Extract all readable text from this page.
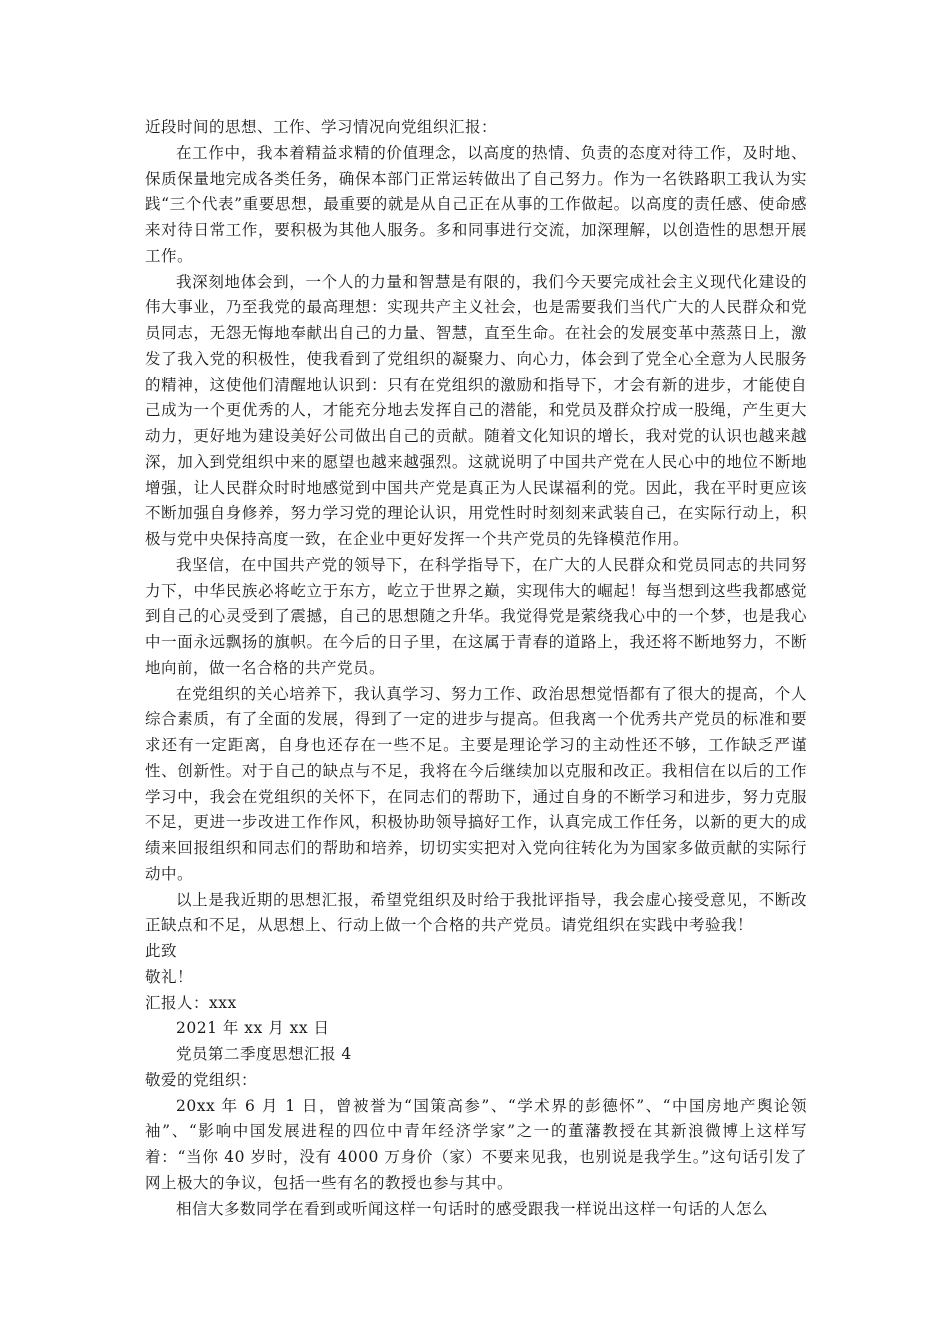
近段时间的思想、工作、学习情况向党组织汇报：

在工作中，我本着精益求精的价值理念，以高度的热情、负责的态度对待工作，及时地、保质保量地完成各类任务，确保本部门正常运转做出了自己努力。作为一名铁路职工我认为实践“三个代表”重要思想，最重要的就是从自己正在从事的工作做起。以高度的责任感、使命感来对待日常工作，要积极为其他人服务。多和同事进行交流，加深理解，以创造性的思想开展工作。

我深刻地体会到，一个人的力量和智慧是有限的，我们今天要完成社会主义现代化建设的伟大事业，乃至我党的最高理想：实现共产主义社会，也是需要我们当代广大的人民群众和党员同志，无怨无悔地奉献出自己的力量、智慧，直至生命。在社会的发展变革中蒸蒸日上，激发了我入党的积极性，使我看到了党组织的凝聚力、向心力，体会到了党全心全意为人民服务的精神，这使他们清醒地认识到：只有在党组织的激励和指导下，才会有新的进步，才能使自己成为一个更优秀的人，才能充分地去发挥自己的潜能，和党员及群众拧成一股绳，产生更大动力，更好地为建设美好公司做出自己的贡献。随着文化知识的增长，我对党的认识也越来越深，加入到党组织中来的愿望也越来越强烈。这就说明了中国共产党在人民心中的地位不断地增强，让人民群众时时地感觉到中国共产党是真正为人民谋福利的党。因此，我在平时更应该不断加强自身修养，努力学习党的理论认识，用党性时时刻刻来武装自己，在实际行动上，积极与党中央保持高度一致，在企业中更好发挥一个共产党员的先锋模范作用。

我坚信，在中国共产党的领导下，在科学指导下，在广大的人民群众和党员同志的共同努力下，中华民族必将屹立于东方，屹立于世界之巅，实现伟大的崛起！每当想到这些我都感觉到自己的心灵受到了震撼，自己的思想随之升华。我觉得党是萦绕我心中的一个梦，也是我心中一面永远飘扬的旗帜。在今后的日子里，在这属于青春的道路上，我还将不断地努力，不断地向前，做一名合格的共产党员。

在党组织的关心培养下，我认真学习、努力工作、政治思想觉悟都有了很大的提高，个人综合素质，有了全面的发展，得到了一定的进步与提高。但我离一个优秀共产党员的标准和要求还有一定距离，自身也还存在一些不足。主要是理论学习的主动性还不够，工作缺乏严谨性、创新性。对于自己的缺点与不足，我将在今后继续加以克服和改正。我相信在以后的工作学习中，我会在党组织的关怀下，在同志们的帮助下，通过自身的不断学习和进步，努力克服不足，更进一步改进工作作风，积极协助领导搞好工作，认真完成工作任务，以新的更大的成绩来回报组织和同志们的帮助和培养，切切实实把对入党向往转化为为国家多做贡献的实际行动中。

以上是我近期的思想汇报，希望党组织及时给于我批评指导，我会虚心接受意见，不断改正缺点和不足，从思想上、行动上做一个合格的共产党员。请党组织在实践中考验我！

此致

敬礼！

汇报人：xxx

2021 年 xx 月 xx 日

党员第二季度思想汇报 4

敬爱的党组织：

20xx 年 6 月 1 日，曾被誉为“国策高参”、“学术界的彭德怀”、“中国房地产舆论领袖”、“影响中国发展进程的四位中青年经济学家”之一的董藩教授在其新浪微博上这样写着：“当你 40 岁时，没有 4000 万身价（家）不要来见我，也别说是我学生。”这句话引发了网上极大的争议，包括一些有名的教授也参与其中。

相信大多数同学在看到或听闻这样一句话时的感受跟我一样说出这样一句话的人怎么
